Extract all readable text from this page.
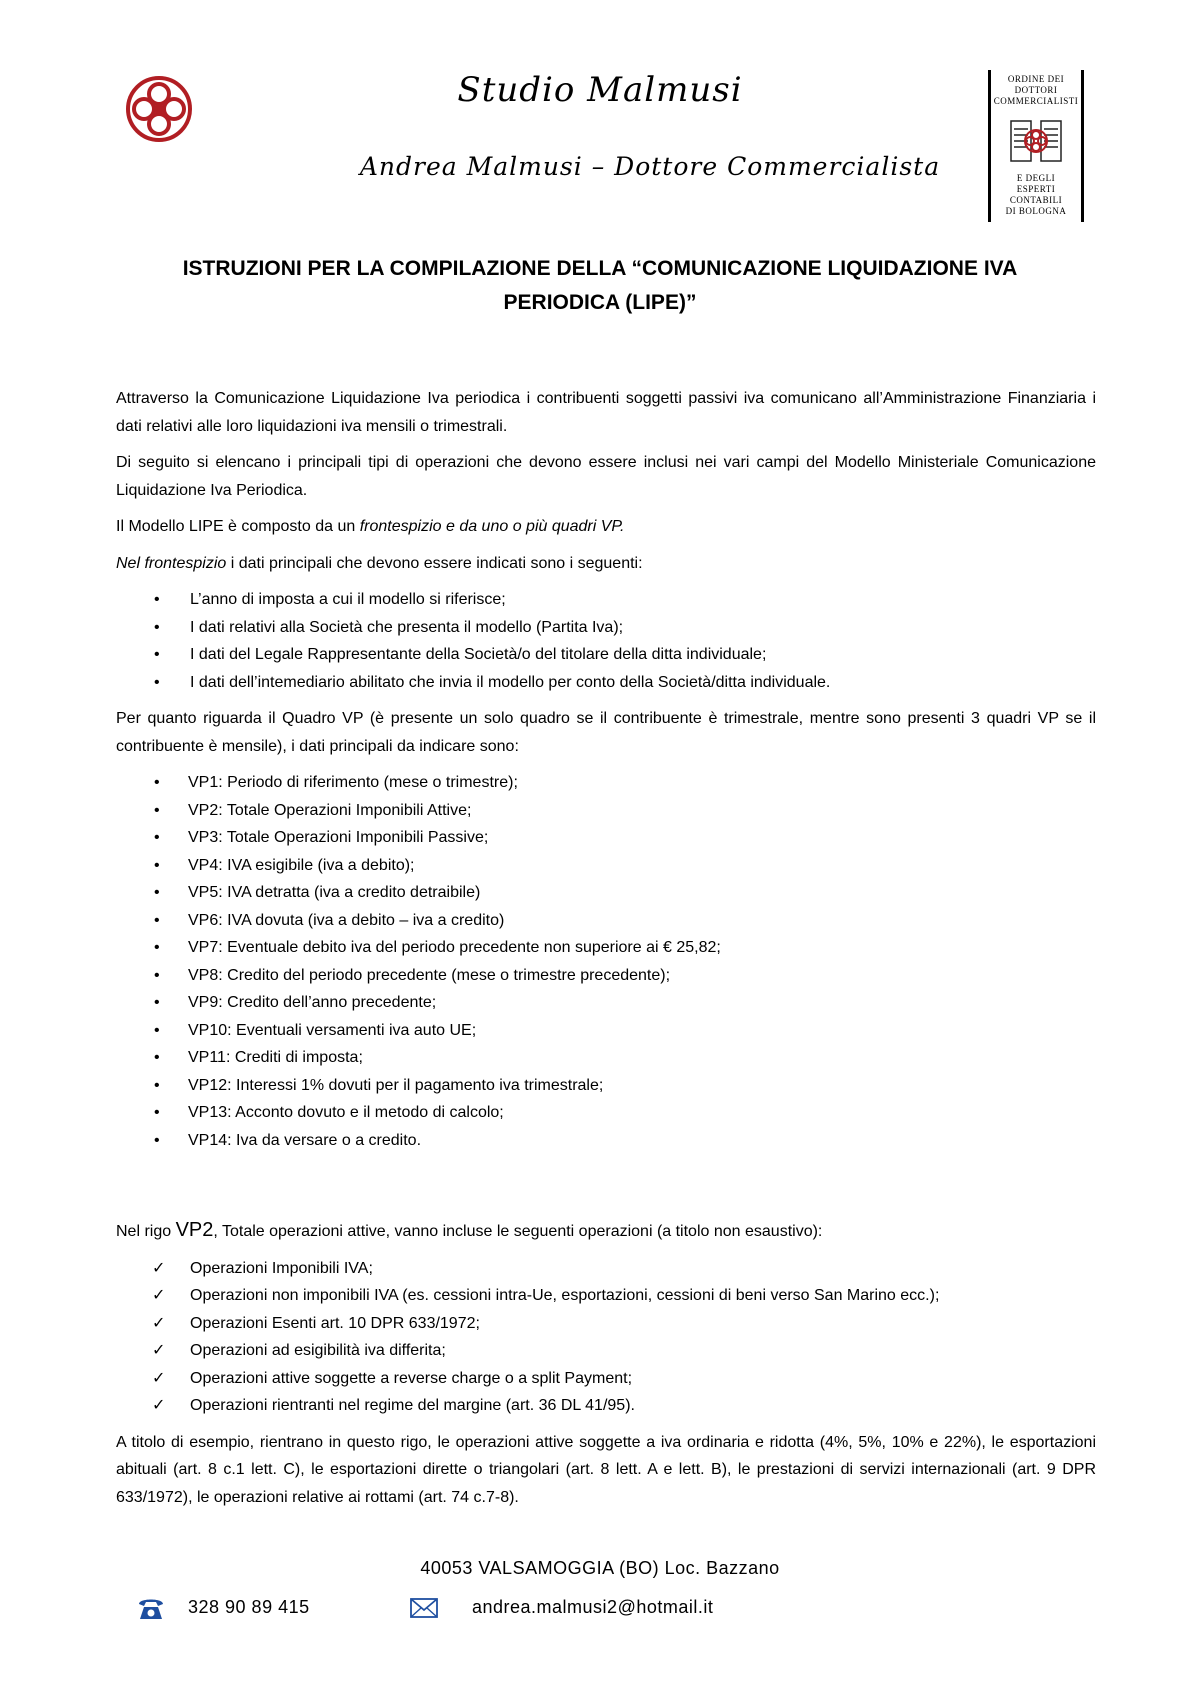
Studio Malmusi
Andrea Malmusi – Dottore Commercialista
ORDINE DEI
DOTTORI
COMMERCIALISTI
E DEGLI
ESPERTI CONTABILI
DI BOLOGNA
ISTRUZIONI PER LA COMPILAZIONE DELLA “COMUNICAZIONE LIQUIDAZIONE IVA
PERIODICA (LIPE)”

Attraverso la Comunicazione Liquidazione Iva periodica i contribuenti soggetti passivi iva comunicano all’Amministrazione Finanziaria i dati relativi alle loro liquidazioni iva mensili o trimestrali.

Di seguito si elencano i principali tipi di operazioni che devono essere inclusi nei vari campi del Modello Ministeriale Comunicazione Liquidazione Iva Periodica.

Il Modello LIPE è composto da un frontespizio e da uno o più quadri VP.

Nel frontespizio i dati principali che devono essere indicati sono i seguenti:

• L’anno di imposta a cui il modello si riferisce;
• I dati relativi alla Società che presenta il modello (Partita Iva);
• I dati del Legale Rappresentante della Società/o del titolare della ditta individuale;
• I dati dell’intemediario abilitato che invia il modello per conto della Società/ditta individuale.

Per quanto riguarda il Quadro VP (è presente un solo quadro se il contribuente è trimestrale, mentre sono presenti 3 quadri VP se il contribuente è mensile), i dati principali da indicare sono:

• VP1: Periodo di riferimento (mese o trimestre);
• VP2: Totale Operazioni Imponibili Attive;
• VP3: Totale Operazioni Imponibili Passive;
• VP4: IVA esigibile (iva a debito);
• VP5: IVA detratta (iva a credito detraibile)
• VP6: IVA dovuta (iva a debito – iva a credito)
• VP7: Eventuale debito iva del periodo precedente non superiore ai € 25,82;
• VP8: Credito del periodo precedente (mese o trimestre precedente);
• VP9: Credito dell’anno precedente;
• VP10: Eventuali versamenti iva auto UE;
• VP11: Crediti di imposta;
• VP12: Interessi 1% dovuti per il pagamento iva trimestrale;
• VP13: Acconto dovuto e il metodo di calcolo;
• VP14: Iva da versare o a credito.

Nel rigo VP2, Totale operazioni attive, vanno incluse le seguenti operazioni (a titolo non esaustivo):

✓ Operazioni Imponibili IVA;
✓ Operazioni non imponibili IVA (es. cessioni intra-Ue, esportazioni, cessioni di beni verso San Marino ecc.);
✓ Operazioni Esenti art. 10 DPR 633/1972;
✓ Operazioni ad esigibilità iva differita;
✓ Operazioni attive soggette a reverse charge o a split Payment;
✓ Operazioni rientranti nel regime del margine (art. 36 DL 41/95).

A titolo di esempio, rientrano in questo rigo, le operazioni attive soggette a iva ordinaria e ridotta (4%, 5%, 10% e 22%), le esportazioni abituali (art. 8 c.1 lett. C), le esportazioni dirette o triangolari (art. 8 lett. A e lett. B), le prestazioni di servizi internazionali (art. 9 DPR 633/1972), le operazioni relative ai rottami (art. 74 c.7-8).

40053 VALSAMOGGIA (BO) Loc. Bazzano
328 90 89 415	andrea.malmusi2@hotmail.it
